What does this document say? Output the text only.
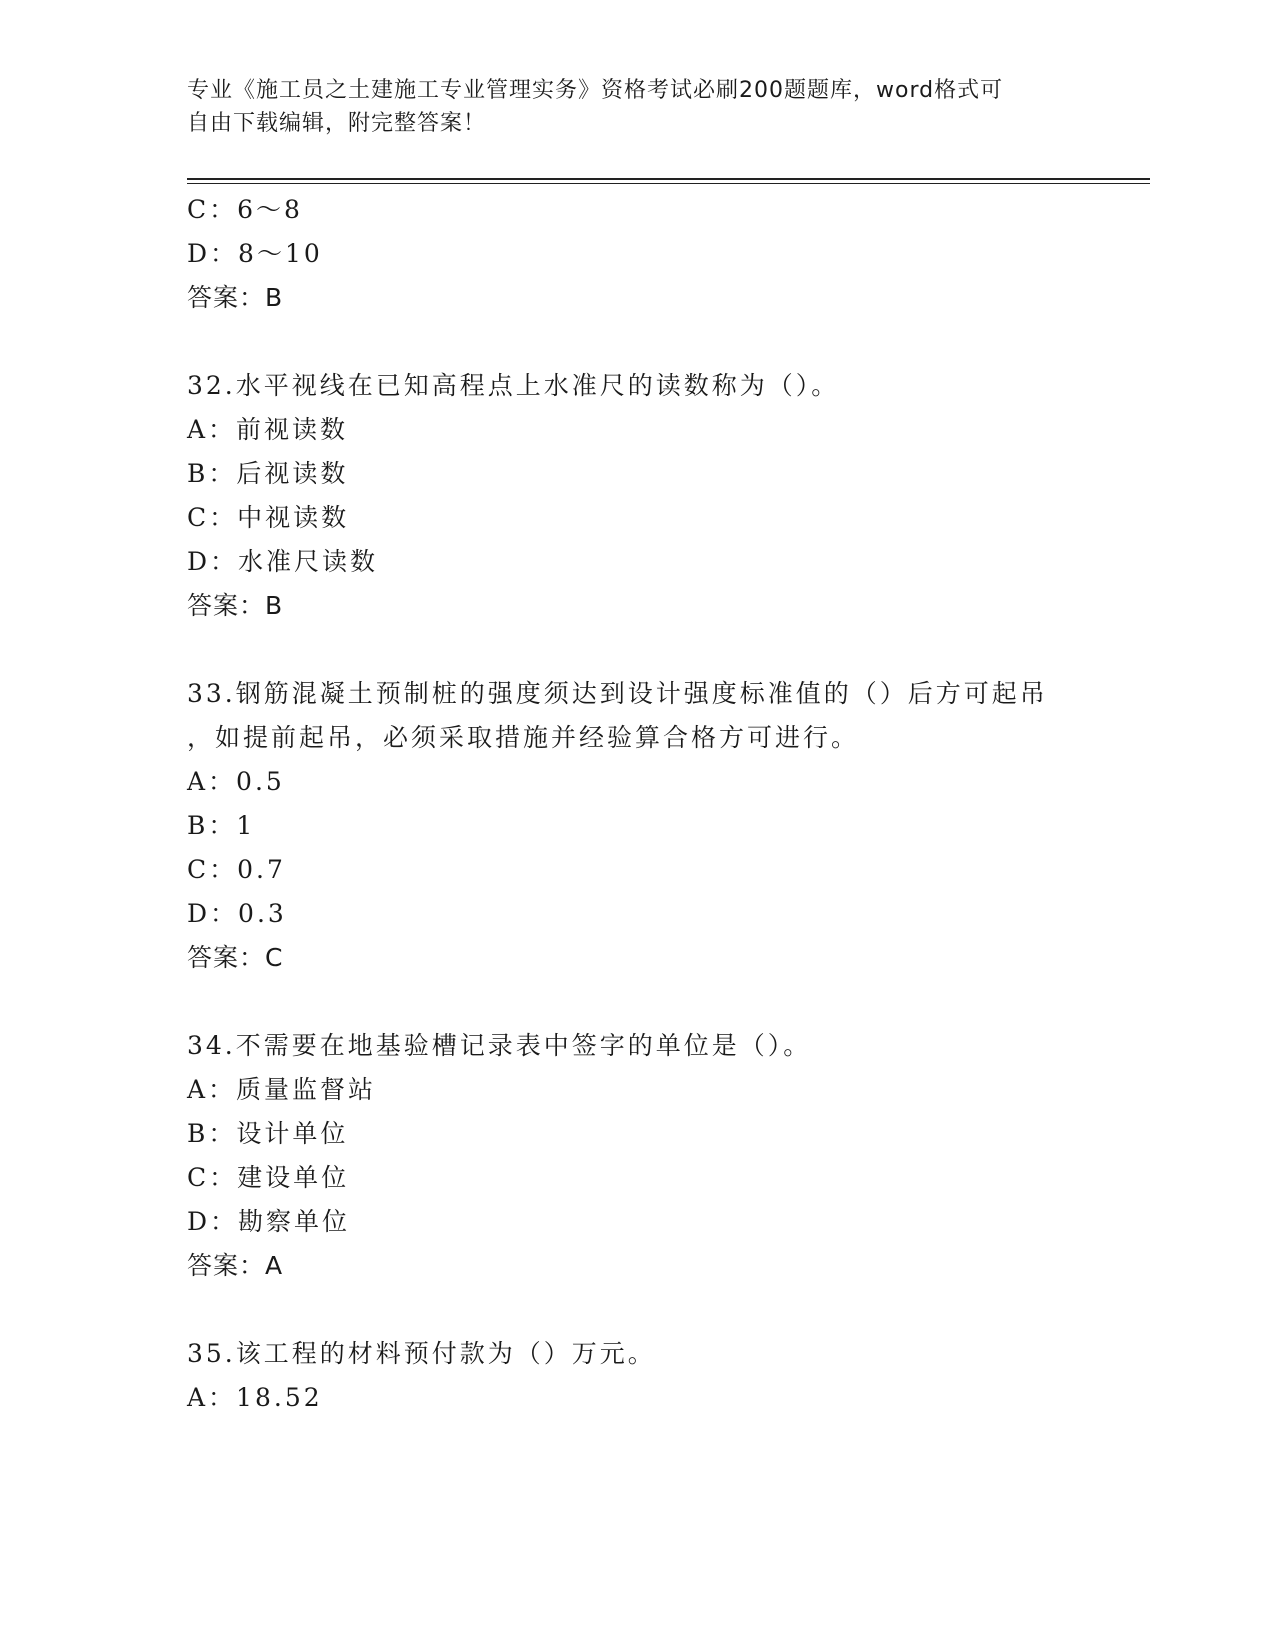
专业《施工员之土建施工专业管理实务》资格考试必刷200题题库，word格式可
自由下载编辑，附完整答案！
C：6～8
D：8～10
答案：B
32.水平视线在已知高程点上水准尺的读数称为（）。
A：前视读数
B：后视读数
C：中视读数
D：水准尺读数
答案：B
33.钢筋混凝土预制桩的强度须达到设计强度标准值的（）后方可起吊
，如提前起吊，必须采取措施并经验算合格方可进行。
A：0.5
B：1
C：0.7
D：0.3
答案：C
34.不需要在地基验槽记录表中签字的单位是（）。
A：质量监督站
B：设计单位
C：建设单位
D：勘察单位
答案：A
35.该工程的材料预付款为（）万元。
A：18.52
